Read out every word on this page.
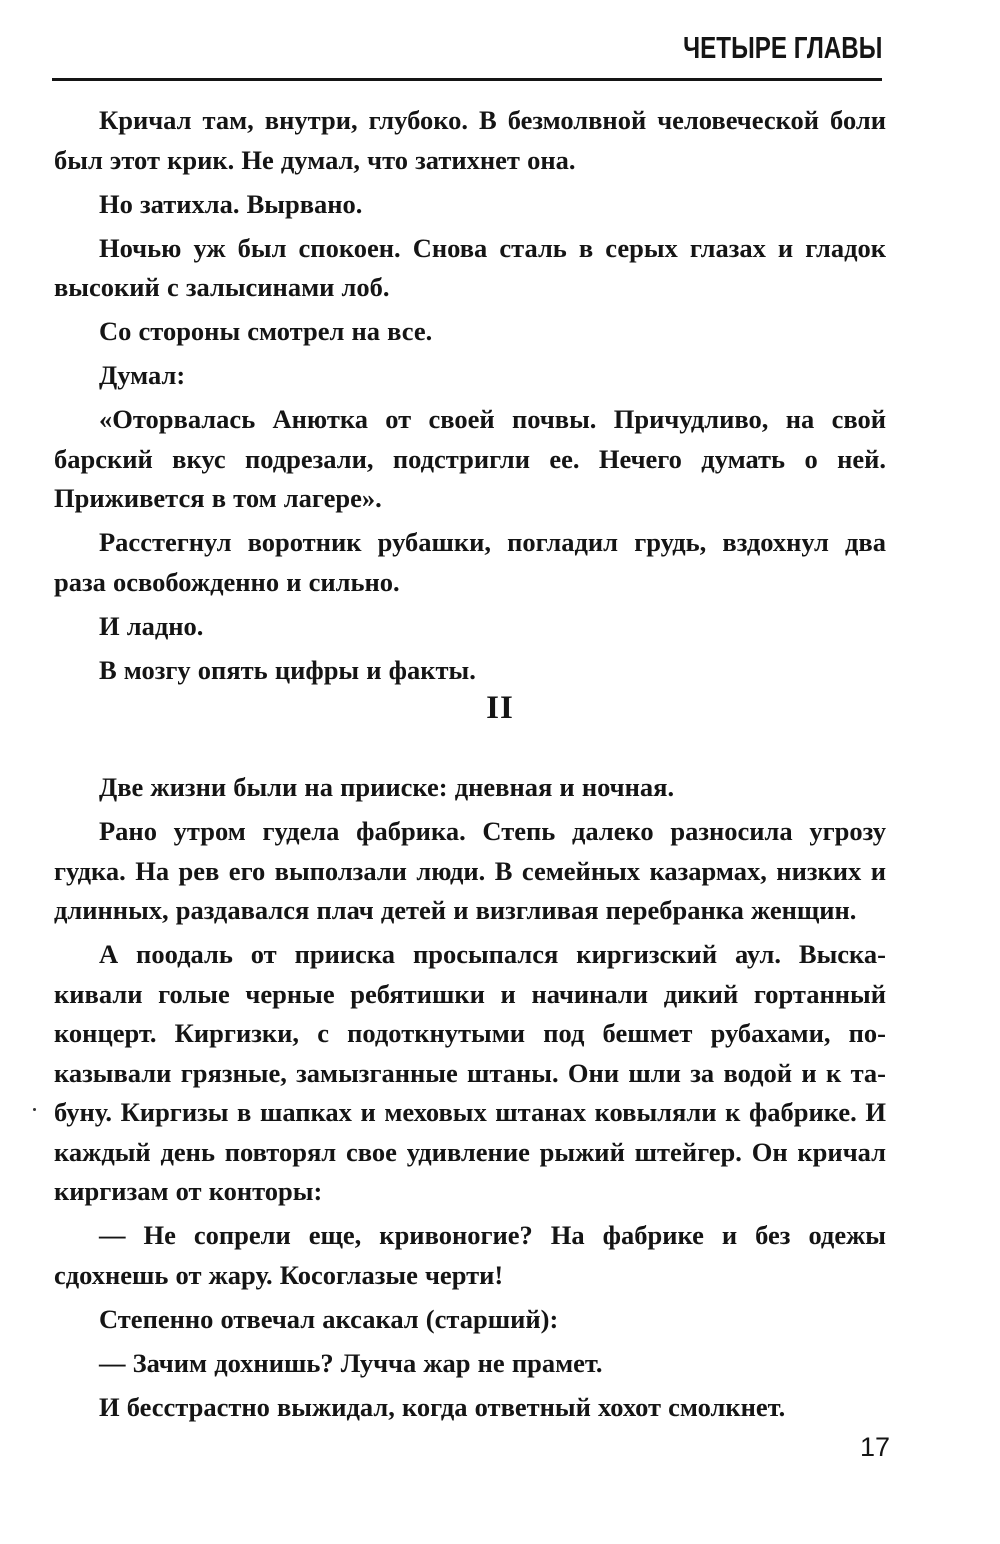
ЧЕТЫРЕ ГЛАВЫ

Кричал там, внутри, глубоко. В безмолвной человеческой боли был этот крик. Не думал, что затихнет она.

Но затихла. Вырвано.

Ночью уж был спокоен. Снова сталь в серых глазах и гладок высокий с залысинами лоб.

Со стороны смотрел на все.

Думал:

«Оторвалась Анютка от своей почвы. Причудливо, на свой барский вкус подрезали, подстригли ее. Нечего думать о ней. Приживется в том лагере».

Расстегнул воротник рубашки, погладил грудь, вздохнул два раза освобожденно и сильно.

И ладно.

В мозгу опять цифры и факты.

II

Две жизни были на прииске: дневная и ночная.

Рано утром гудела фабрика. Степь далеко разносила угрозу гудка. На рев его выползали люди. В семейных казармах, низких и длинных, раздавался плач детей и визгливая перебранка женщин.

А поодаль от прииска просыпался киргизский аул. Выскакивали голые черные ребятишки и начинали дикий гортанный концерт. Киргизки, с подоткнутыми под бешмет рубахами, показывали грязные, замызганные штаны. Они шли за водой и к табуну. Киргизы в шапках и меховых штанах ковыляли к фабрике. И каждый день повторял свое удивление рыжий штейгер. Он кричал киргизам от конторы:

— Не сопрели еще, кривоногие? На фабрике и без одежы сдохнешь от жару. Косоглазые черти!

Степенно отвечал аксакал (старший):

— Зачим дохнишь? Лучча жар не прамет.

И бесстрастно выжидал, когда ответный хохот смолкнет.

17
